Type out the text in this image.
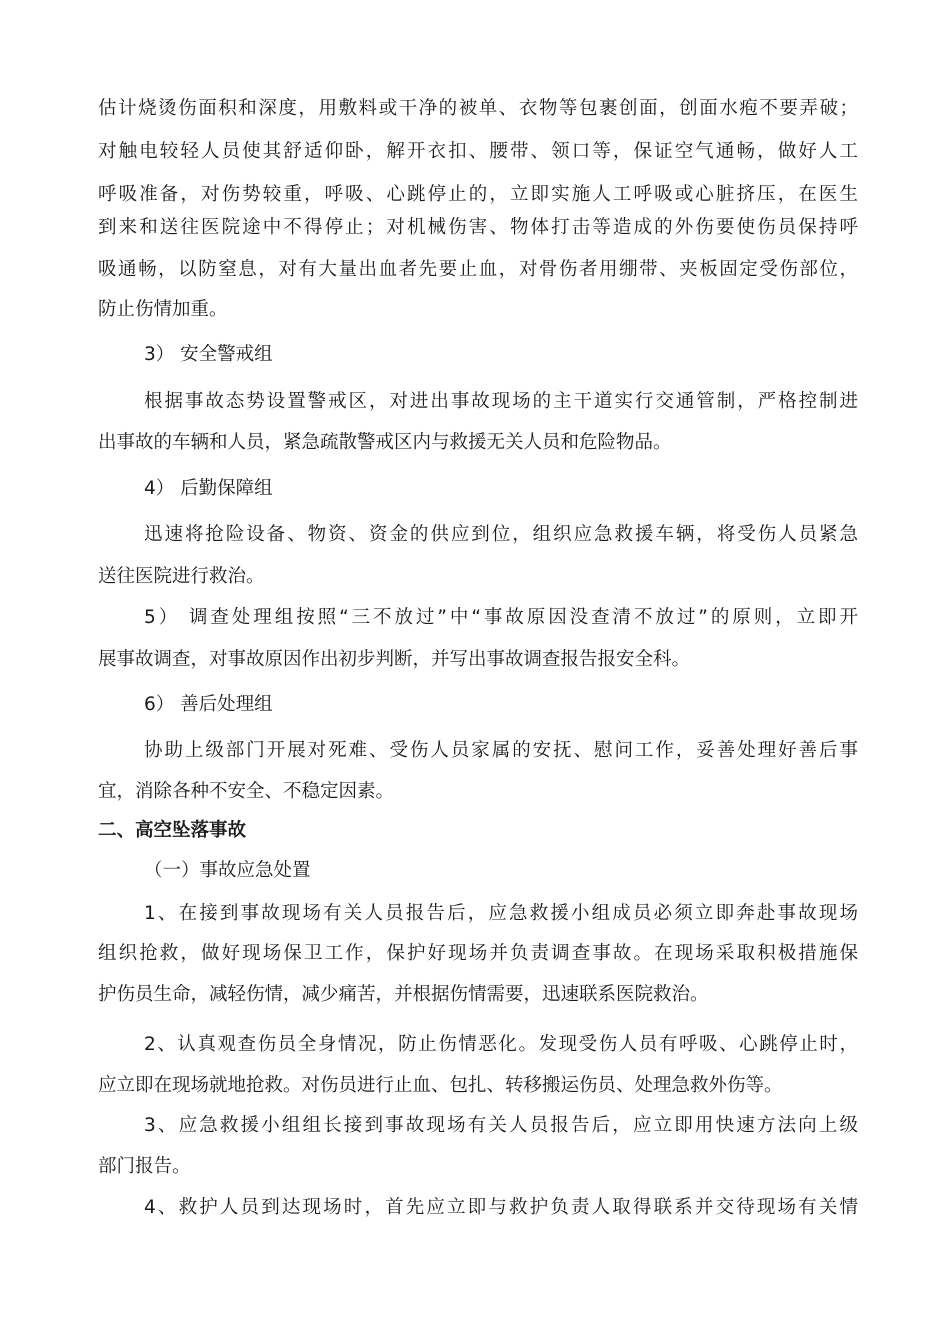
估计烧烫伤面积和深度，用敷料或干净的被单、衣物等包裹创面，创面水疱不要弄破；
对触电较轻人员使其舒适仰卧，解开衣扣、腰带、领口等，保证空气通畅，做好人工
呼吸准备，对伤势较重，呼吸、心跳停止的，立即实施人工呼吸或心脏挤压，在医生
到来和送往医院途中不得停止；对机械伤害、物体打击等造成的外伤要使伤员保持呼
吸通畅，以防窒息，对有大量出血者先要止血，对骨伤者用绷带、夹板固定受伤部位，
防止伤情加重。
3） 安全警戒组
根据事故态势设置警戒区，对进出事故现场的主干道实行交通管制，严格控制进
出事故的车辆和人员，紧急疏散警戒区内与救援无关人员和危险物品。
4） 后勤保障组
迅速将抢险设备、物资、资金的供应到位，组织应急救援车辆，将受伤人员紧急
送往医院进行救治。
5） 调查处理组按照“三不放过”中“事故原因没查清不放过”的原则，立即开
展事故调查，对事故原因作出初步判断，并写出事故调查报告报安全科。
6） 善后处理组
协助上级部门开展对死难、受伤人员家属的安抚、慰问工作，妥善处理好善后事
宜，消除各种不安全、不稳定因素。
二、高空坠落事故
（一）事故应急处置
1、在接到事故现场有关人员报告后，应急救援小组成员必须立即奔赴事故现场
组织抢救，做好现场保卫工作，保护好现场并负责调查事故。在现场采取积极措施保
护伤员生命，减轻伤情，减少痛苦，并根据伤情需要，迅速联系医院救治。
2、认真观查伤员全身情况，防止伤情恶化。发现受伤人员有呼吸、心跳停止时，
应立即在现场就地抢救。对伤员进行止血、包扎、转移搬运伤员、处理急救外伤等。
3、应急救援小组组长接到事故现场有关人员报告后，应立即用快速方法向上级
部门报告。
4、救护人员到达现场时，首先应立即与救护负责人取得联系并交待现场有关情
